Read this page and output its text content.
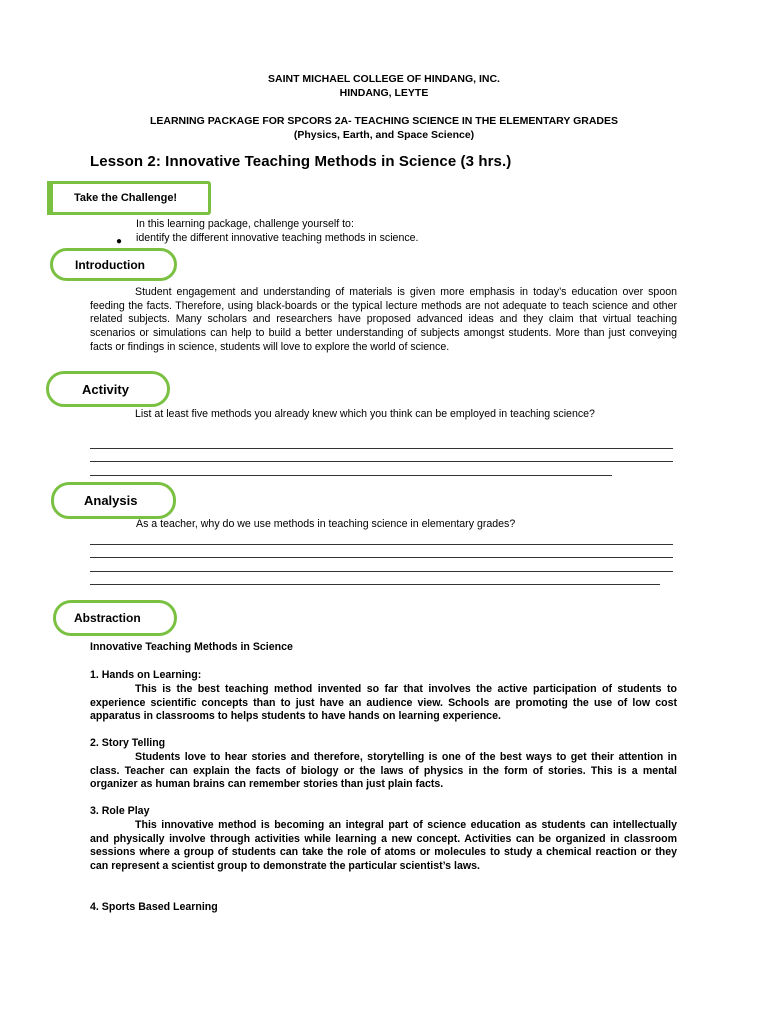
SAINT MICHAEL COLLEGE OF HINDANG, INC.
HINDANG, LEYTE
LEARNING PACKAGE FOR SPCORS 2A- TEACHING SCIENCE IN THE ELEMENTARY GRADES
(Physics, Earth, and Space Science)
Lesson 2: Innovative Teaching Methods in Science (3 hrs.)
Take the Challenge!
In this learning package, challenge yourself to:
● identify the different innovative teaching methods in science.
Introduction
Student engagement and understanding of materials is given more emphasis in today’s education over spoon feeding the facts. Therefore, using black-boards or the typical lecture methods are not adequate to teach science and other related subjects. Many scholars and researchers have proposed advanced ideas and they claim that virtual teaching scenarios or simulations can help to build a better understanding of subjects amongst students. More than just conveying facts or findings in science, students will love to explore the world of science.
Activity
List at least five methods you already knew which you think can be employed in teaching science?
Analysis
As a teacher, why do we use methods in teaching science in elementary grades?
Abstraction
Innovative Teaching Methods in Science
1. Hands on Learning:
This is the best teaching method invented so far that involves the active participation of students to experience scientific concepts than to just have an audience view. Schools are promoting the use of low cost apparatus in classrooms to helps students to have hands on learning experience.
2. Story Telling
Students love to hear stories and therefore, storytelling is one of the best ways to get their attention in class. Teacher can explain the facts of biology or the laws of physics in the form of stories. This is a mental organizer as human brains can remember stories than just plain facts.
3. Role Play
This innovative method is becoming an integral part of science education as students can intellectually and physically involve through activities while learning a new concept. Activities can be organized in classroom sessions where a group of students can take the role of atoms or molecules to study a chemical reaction or they can represent a scientist group to demonstrate the particular scientist’s laws.
4. Sports Based Learning
